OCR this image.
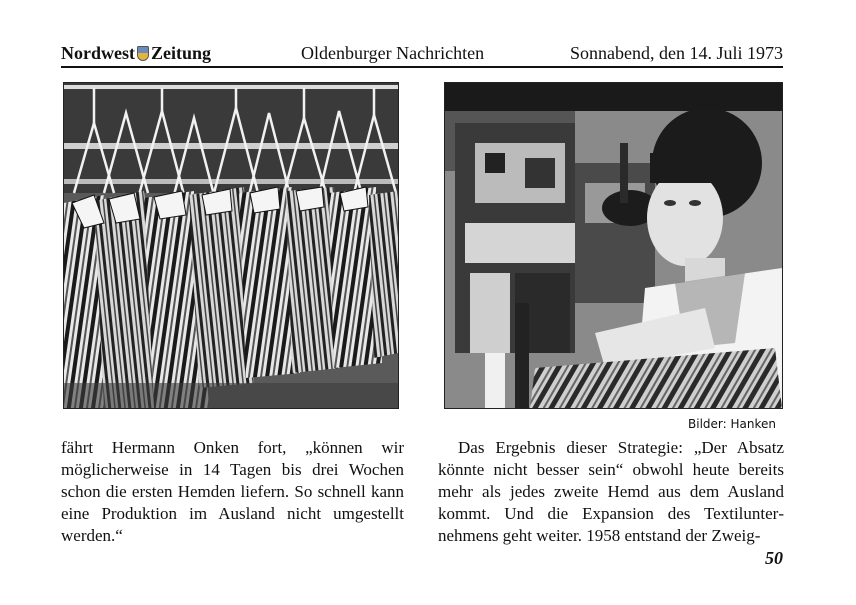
Nordwest Zeitung	Oldenburger Nachrichten	Sonnabend, den 14. Juli 1973
Bilder: Hanken
fährt Hermann Onken fort, „können wir möglicherweise in 14 Tagen bis drei Wochen schon die ersten Hemden liefern. So schnell kann eine Produktion im Ausland nicht umgestellt werden.“
Das Ergebnis dieser Strategie: „Der Absatz könnte nicht besser sein“ obwohl heute bereits mehr als jedes zweite Hemd aus dem Ausland kommt. Und die Expansion des Textilunternehmens geht weiter. 1958 entstand der Zweig-
50
